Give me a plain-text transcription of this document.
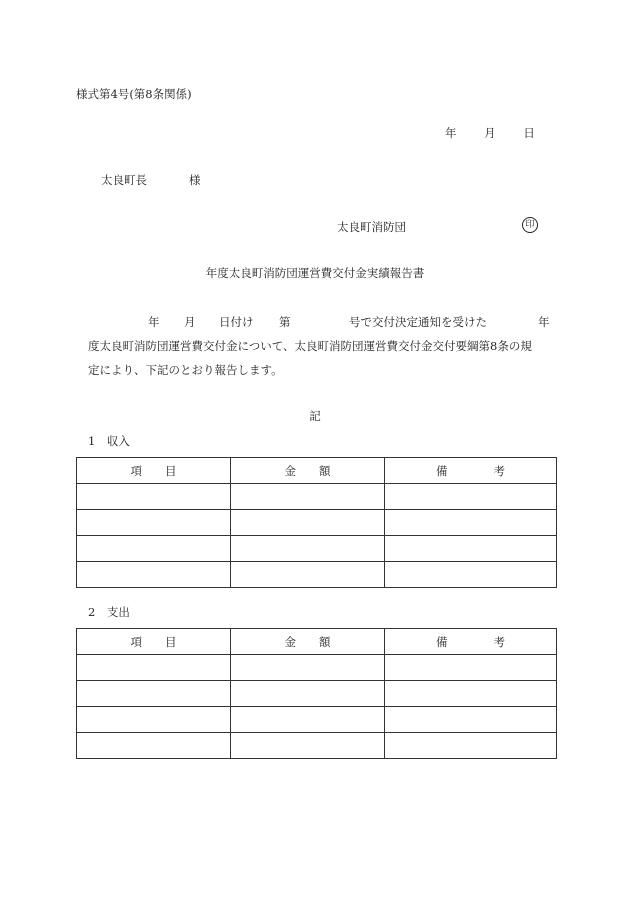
様式第4号(第8条関係)
年 月 日
太良町長	様
太良町消防団	印
年度太良町消防団運営費交付金実績報告書
年 月 日付け 第	号で交付決定通知を受けた	年
度太良町消防団運営費交付金について、太良町消防団運営費交付金交付要綱第8条の規
定により、下記のとおり報告します。
記
1　収入
項　　目	金　　額	備　　　　考

2　支出
項　　目	金　　額	備　　　　考
